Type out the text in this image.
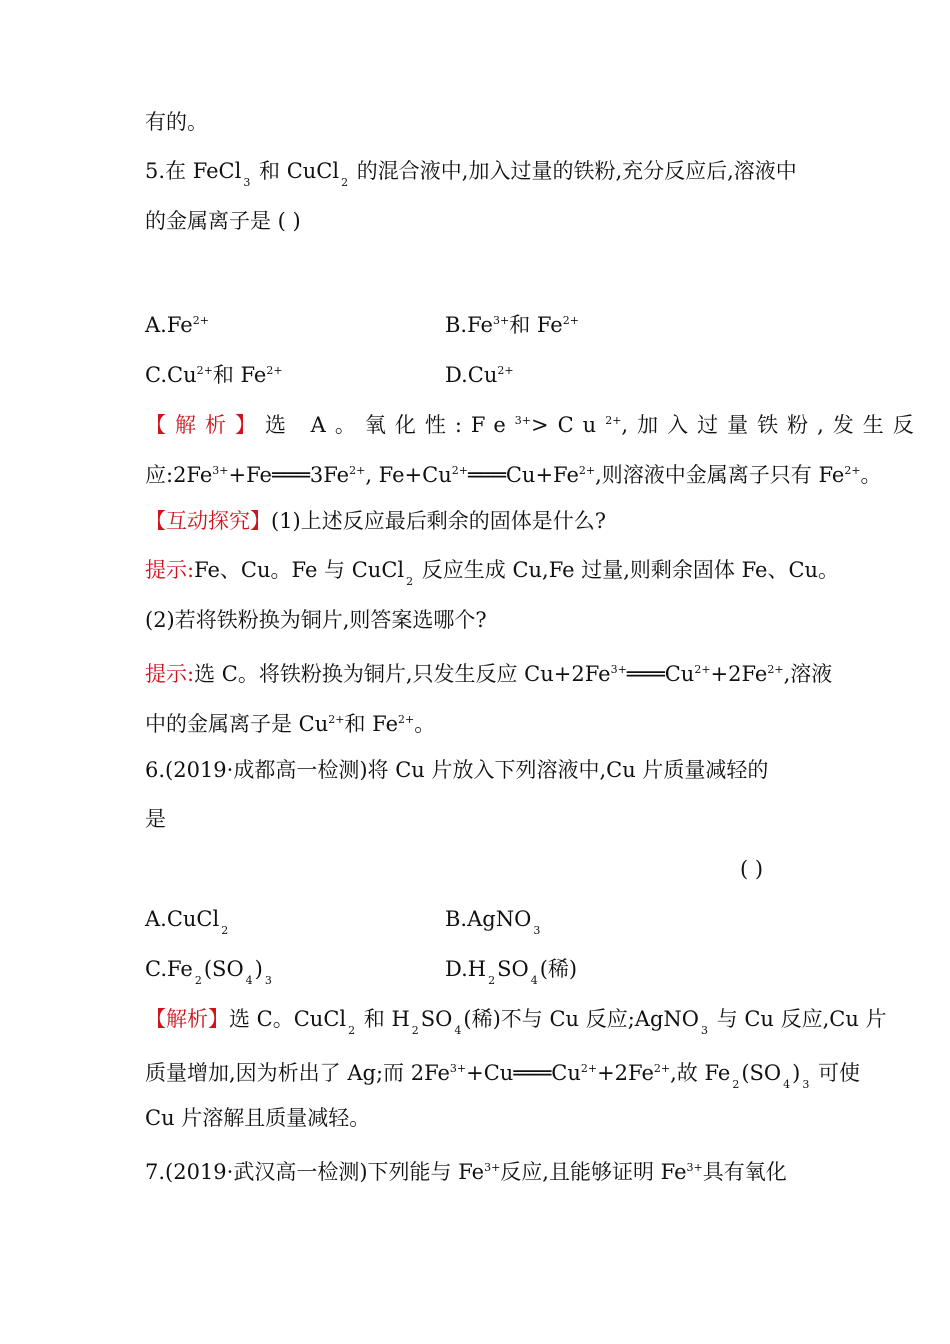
有的。
5.在 FeCl $_3$ 和 CuCl $_2$ 的混合液中,加入过量的铁粉,充分反应后,溶液中
的金属离子是 ( )
$A.Fe^{2+}$	$B.Fe^{3+}$和 $Fe^{2+}$
$C.Cu^{2+}$和 $Fe^{2+}$	$D.Cu^{2+}$
【解析】选 A。氧化性$:Fe^{3+}>Cu^{2+}$,加入过量铁粉,发生反
应$:2Fe^{3+}+Fe═══3Fe^{2+}$, $Fe+Cu^{2+}═══Cu+Fe^{2+}$,则溶液中金属离子只有 $Fe^{2+}$。
【互动探究】(1)上述反应最后剩余的固体是什么?
提示:Fe、Cu。Fe 与 CuCl $_2$ 反应生成 Cu,Fe 过量,则剩余固体 Fe、Cu。
(2)若将铁粉换为铜片,则答案选哪个?
提示:选 C。将铁粉换为铜片,只发生反应 $Cu+2Fe^{3+}═══Cu^{2+}+2Fe^{2+}$,溶液
中的金属离子是 $Cu^{2+}$和 $Fe^{2+}$。
6.(2019·成都高一检测)将 Cu 片放入下列溶液中,Cu 片质量减轻的
是
( )
A.CuCl $_2$	B.AgNO $_3$
C.Fe $_2$(SO $_4$) $_3$	D.H $_2$SO $_4$(稀)
【解析】选 C。CuCl $_2$ 和 H $_2$SO $_4$(稀)不与 Cu 反应;AgNO $_3$ 与 Cu 反应,Cu 片
质量增加,因为析出了 Ag;而 $2Fe^{3+}+Cu═══Cu^{2+}+2Fe^{2+}$,故 Fe $_2$(SO $_4$) $_3$ 可使
Cu 片溶解且质量减轻。
7.(2019·武汉高一检测)下列能与 $Fe^{3+}$反应,且能够证明 $Fe^{3+}$具有氧化
